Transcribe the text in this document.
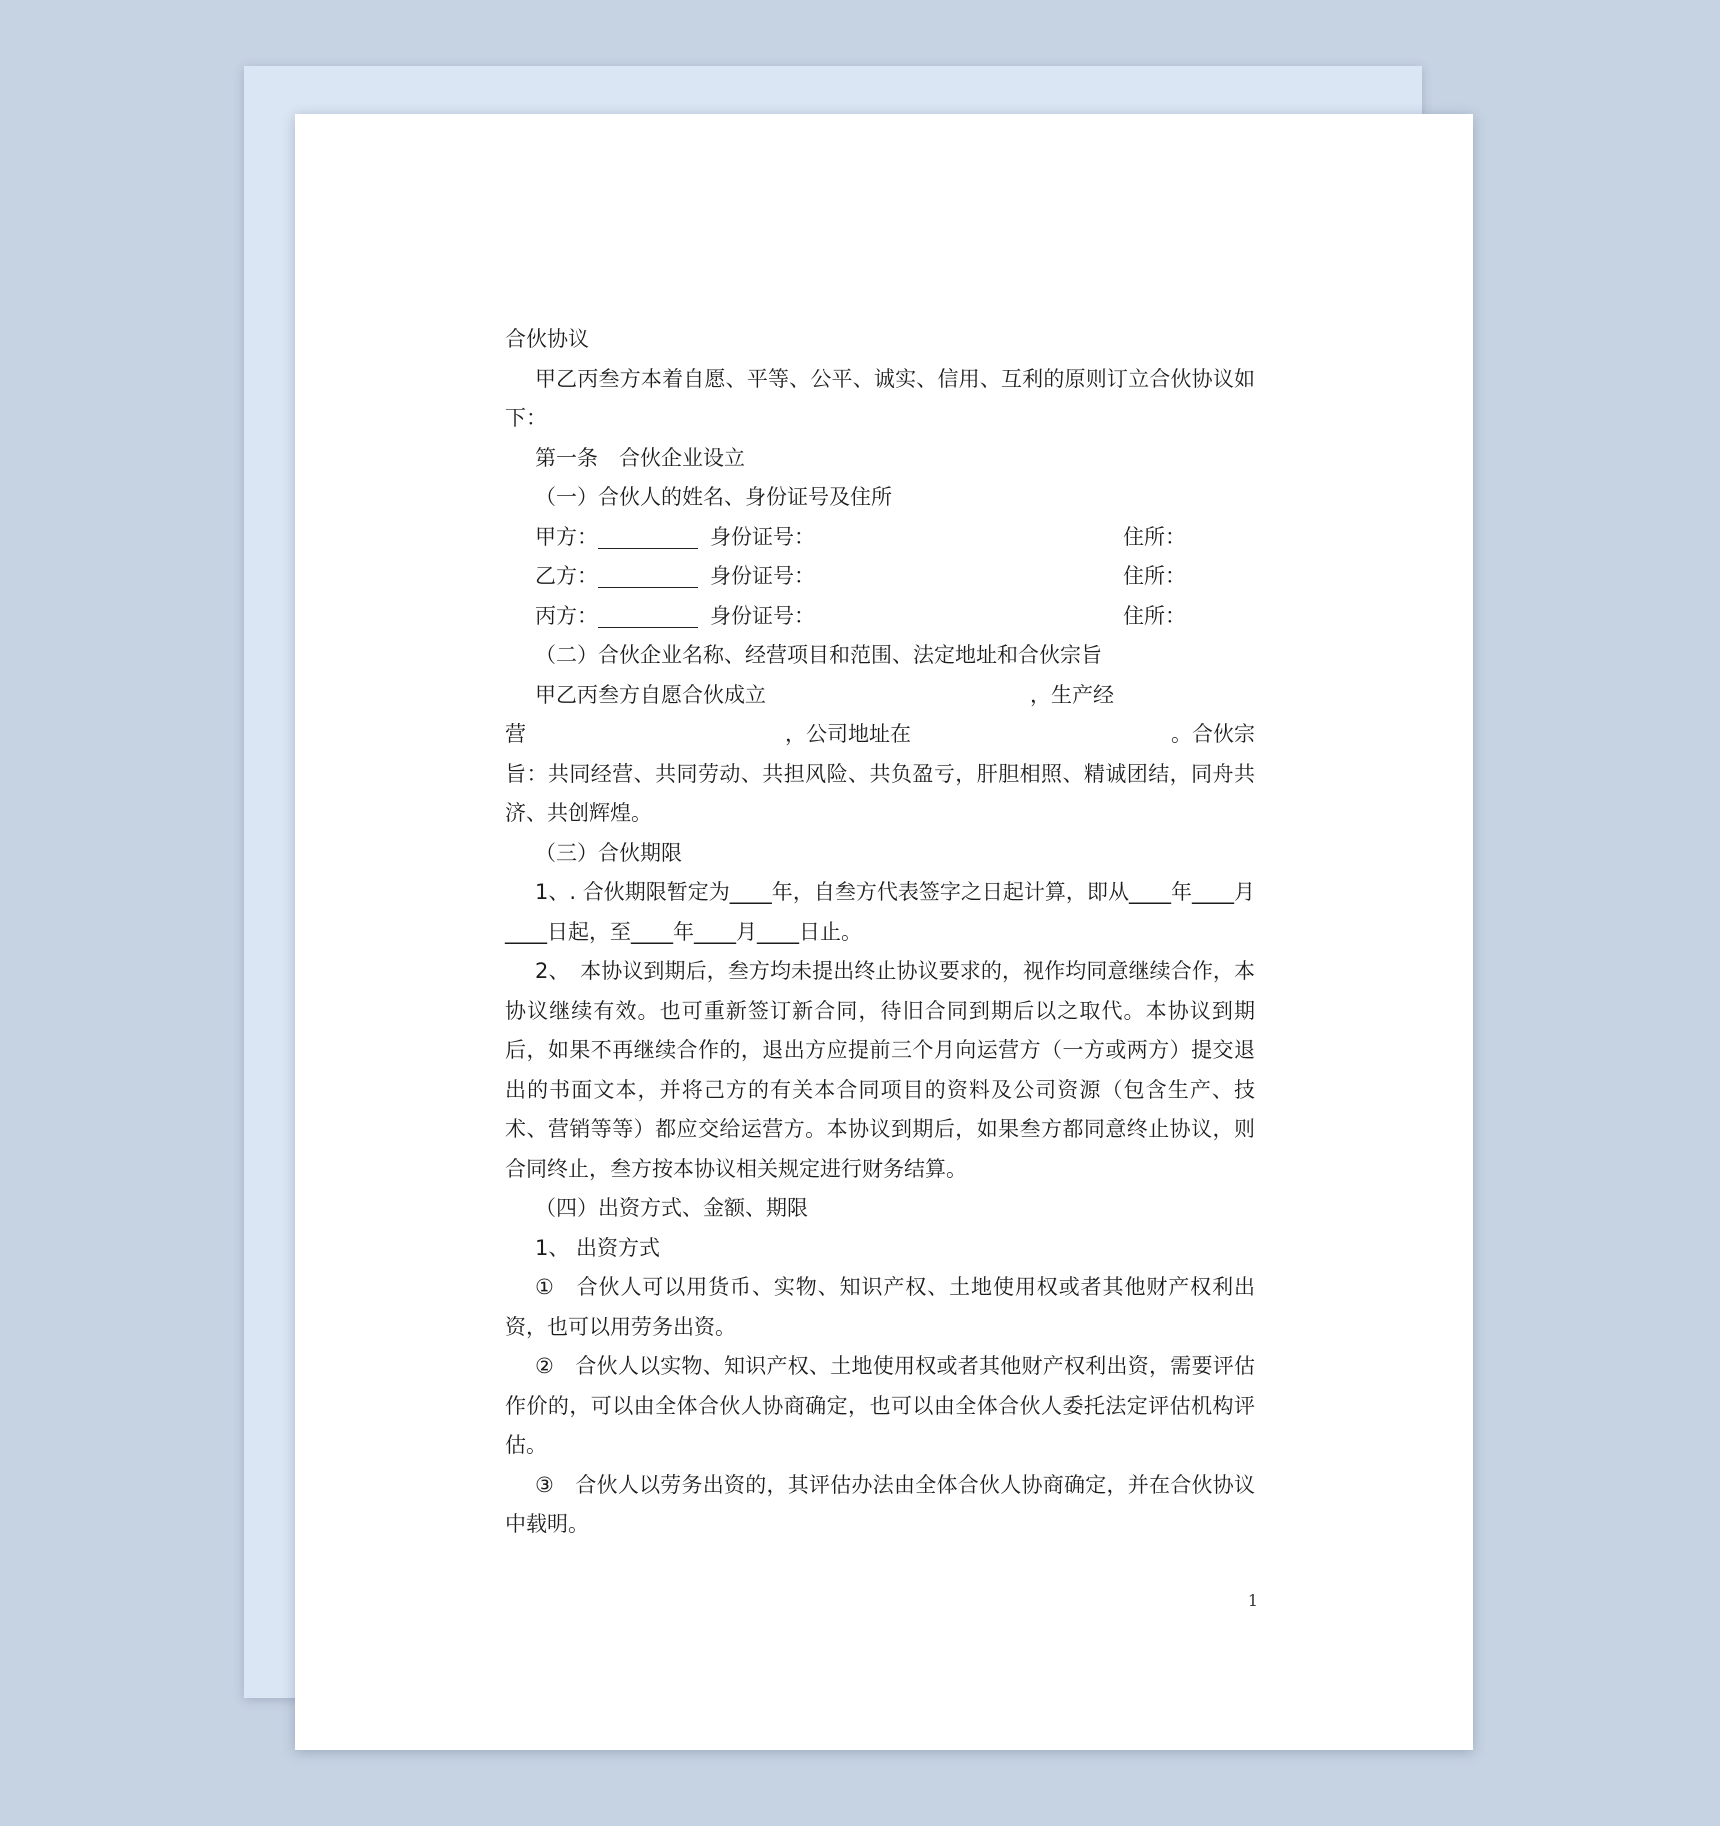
合伙协议
甲乙丙叁方本着自愿、平等、公平、诚实、信用、互利的原则订立合伙协议如下：
第一条　合伙企业设立
（一）合伙人的姓名、身份证号及住所
甲方：	身份证号：	住所：
乙方：	身份证号：	住所：
丙方：	身份证号：	住所：
（二）合伙企业名称、经营项目和范围、法定地址和合伙宗旨
甲乙丙叁方自愿合伙成立	，生产经
营	，公司地址在	。合伙宗
旨：共同经营、共同劳动、共担风险、共负盈亏，肝胆相照、精诚团结，同舟共济、共创辉煌。
（三）合伙期限
1、. 合伙期限暂定为____年，自叁方代表签字之日起计算，即从____年____月____日起，至____年____月____日止。
2、　本协议到期后，叁方均未提出终止协议要求的，视作均同意继续合作，本协议继续有效。也可重新签订新合同，待旧合同到期后以之取代。本协议到期后，如果不再继续合作的，退出方应提前三个月向运营方（一方或两方）提交退出的书面文本，并将己方的有关本合同项目的资料及公司资源（包含生产、技术、营销等等）都应交给运营方。本协议到期后，如果叁方都同意终止协议，则合同终止，叁方按本协议相关规定进行财务结算。
（四）出资方式、金额、期限
1、 出资方式
①　合伙人可以用货币、实物、知识产权、土地使用权或者其他财产权利出资，也可以用劳务出资。
②　合伙人以实物、知识产权、土地使用权或者其他财产权利出资，需要评估作价的，可以由全体合伙人协商确定，也可以由全体合伙人委托法定评估机构评估。
③　合伙人以劳务出资的，其评估办法由全体合伙人协商确定，并在合伙协议中载明。
1
